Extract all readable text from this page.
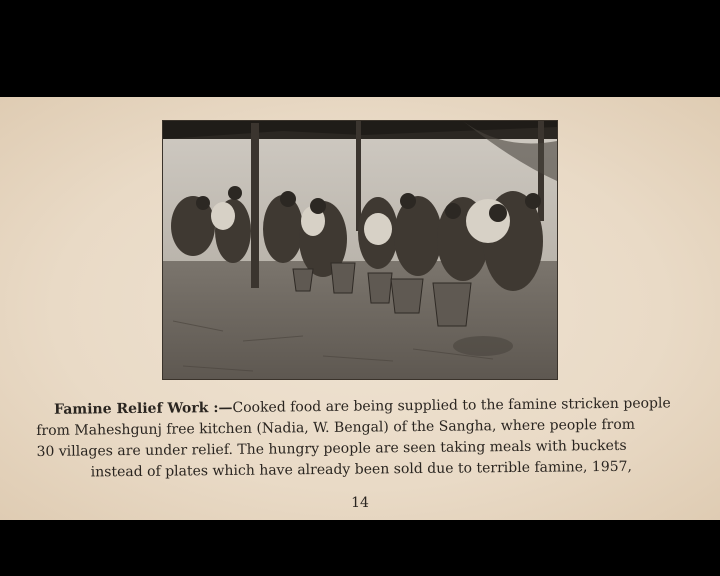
Famine Relief Work :—Cooked food are being supplied to the famine stricken people
from Maheshgunj free kitchen (Nadia, W. Bengal) of the Sangha, where people from
30 villages are under relief. The hungry people are seen taking meals with buckets
instead of plates which have already been sold due to terrible famine, 1957,
14
